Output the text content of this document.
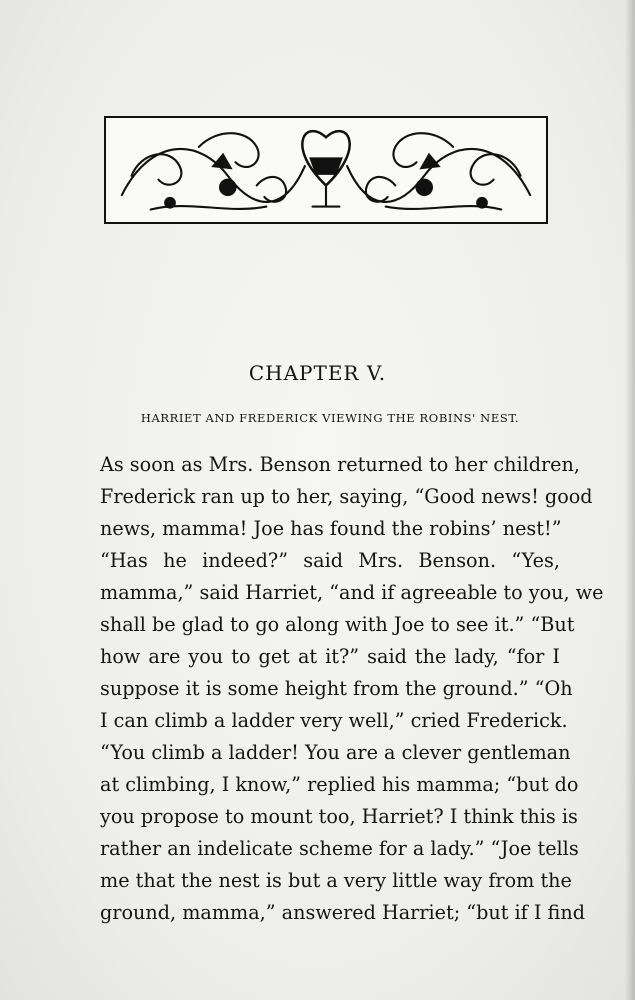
CHAPTER V.
HARRIET AND FREDERICK VIEWING THE ROBINS' NEST.
As soon as Mrs. Benson returned to her children,
Frederick ran up to her, saying, “Good news! good
news, mamma! Joe has found the robins’ nest!”
“Has he indeed?” said Mrs. Benson. “Yes,
mamma,” said Harriet, “and if agreeable to you, we
shall be glad to go along with Joe to see it.” “But
how are you to get at it?” said the lady, “for I
suppose it is some height from the ground.” “Oh
I can climb a ladder very well,” cried Frederick.
“You climb a ladder! You are a clever gentleman
at climbing, I know,” replied his mamma; “but do
you propose to mount too, Harriet? I think this is
rather an indelicate scheme for a lady.” “Joe tells
me that the nest is but a very little way from the
ground, mamma,” answered Harriet; “but if I find
